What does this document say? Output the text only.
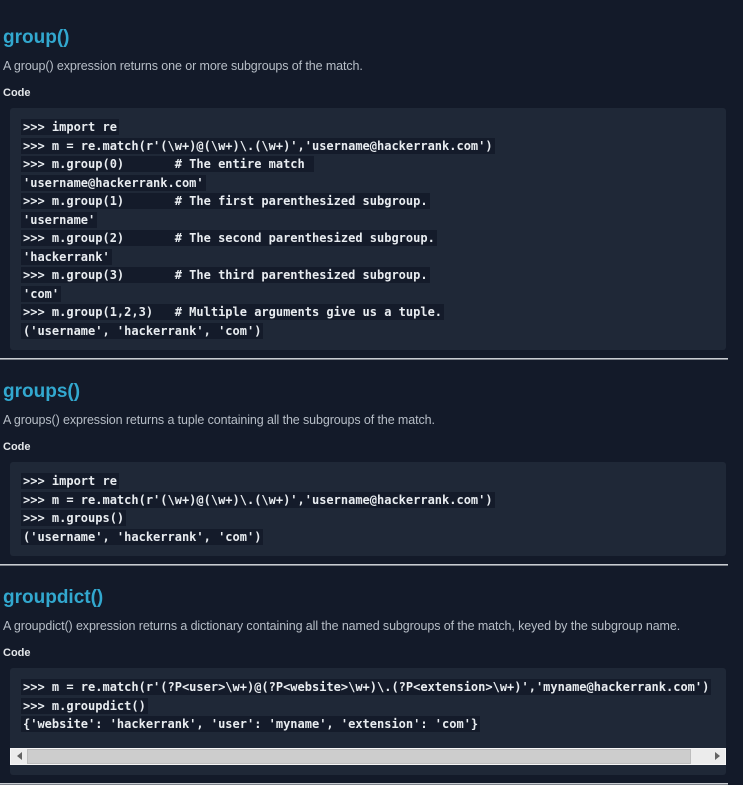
group()

A group() expression returns one or more subgroups of the match.

Code
>>> import re
>>> m = re.match(r'(\w+)@(\w+)\.(\w+)','username@hackerrank.com')
>>> m.group(0)       # The entire match
'username@hackerrank.com'
>>> m.group(1)       # The first parenthesized subgroup.
'username'
>>> m.group(2)       # The second parenthesized subgroup.
'hackerrank'
>>> m.group(3)       # The third parenthesized subgroup.
'com'
>>> m.group(1,2,3)   # Multiple arguments give us a tuple.
('username', 'hackerrank', 'com')
groups()

A groups() expression returns a tuple containing all the subgroups of the match.

Code
>>> import re
>>> m = re.match(r'(\w+)@(\w+)\.(\w+)','username@hackerrank.com')
>>> m.groups()
('username', 'hackerrank', 'com')
groupdict()

A groupdict() expression returns a dictionary containing all the named subgroups of the match, keyed by the subgroup name.

Code
>>> m = re.match(r'(?P<user>\w+)@(?P<website>\w+)\.(?P<extension>\w+)','myname@hackerrank.com')
>>> m.groupdict()
{'website': 'hackerrank', 'user': 'myname', 'extension': 'com'}
